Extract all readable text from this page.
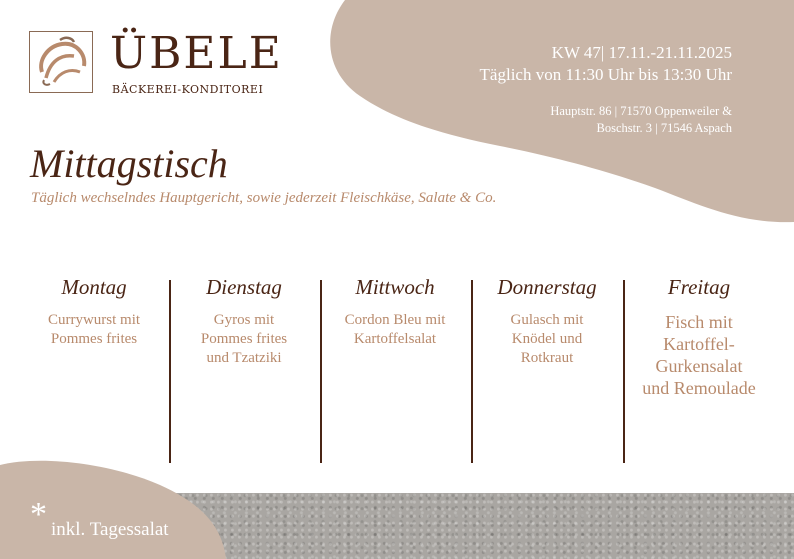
ÜBELE
BÄCKEREI-KONDITOREI
KW 47| 17.11.-21.11.2025
Täglich von 11:30 Uhr bis 13:30 Uhr
Hauptstr. 86 | 71570 Oppenweiler &
Boschstr. 3 | 71546 Aspach
Mittagstisch
Täglich wechselndes Hauptgericht, sowie jederzeit Fleischkäse, Salate & Co.
Montag
Currywurst mit Pommes frites
Dienstag
Gyros mit Pommes frites und Tzatziki
Mittwoch
Cordon Bleu mit Kartoffelsalat
Donnerstag
Gulasch mit Knödel und Rotkraut
Freitag
Fisch mit Kartoffel-Gurkensalat und Remoulade
* inkl. Tagessalat
